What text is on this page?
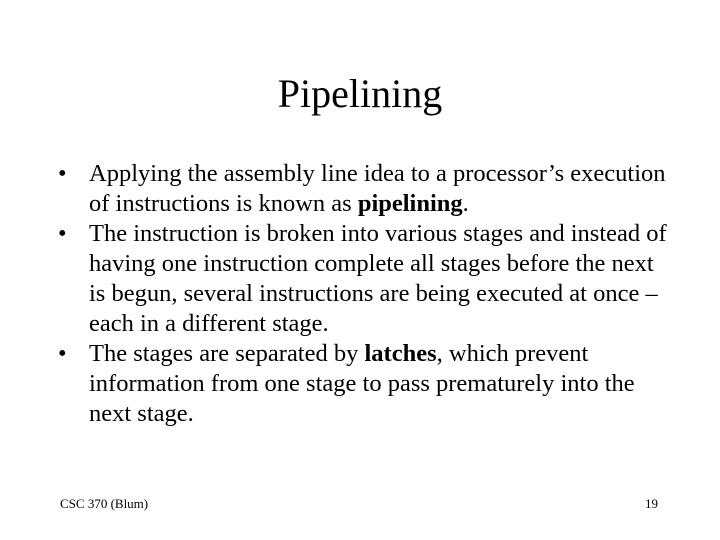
Pipelining
• Applying the assembly line idea to a processor’s execution of instructions is known as pipelining.
• The instruction is broken into various stages and instead of having one instruction complete all stages before the next is begun, several instructions are being executed at once – each in a different stage.
• The stages are separated by latches, which prevent information from one stage to pass prematurely into the next stage.
CSC 370 (Blum)	19
